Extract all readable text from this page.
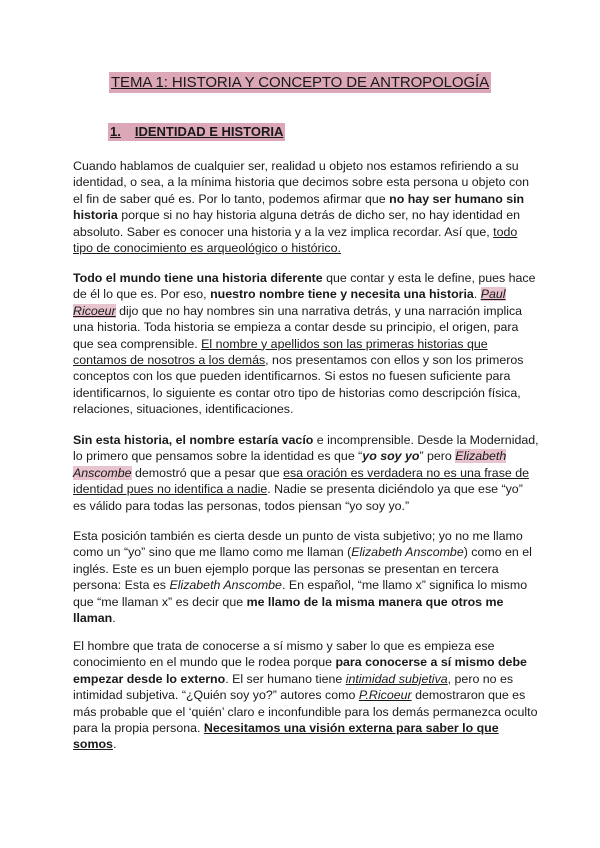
TEMA 1: HISTORIA Y CONCEPTO DE ANTROPOLOGÍA
1. IDENTIDAD E HISTORIA

Cuando hablamos de cualquier ser, realidad u objeto nos estamos refiriendo a su
identidad, o sea, a la mínima historia que decimos sobre esta persona u objeto con
el fin de saber qué es. Por lo tanto, podemos afirmar que no hay ser humano sin
historia porque si no hay historia alguna detrás de dicho ser, no hay identidad en
absoluto. Saber es conocer una historia y a la vez implica recordar. Así que, todo
tipo de conocimiento es arqueológico o histórico.

Todo el mundo tiene una historia diferente que contar y esta le define, pues hace
de él lo que es. Por eso, nuestro nombre tiene y necesita una historia. Paul
Ricoeur dijo que no hay nombres sin una narrativa detrás, y una narración implica
una historia. Toda historia se empieza a contar desde su principio, el origen, para
que sea comprensible. El nombre y apellidos son las primeras historias que
contamos de nosotros a los demás, nos presentamos con ellos y son los primeros
conceptos con los que pueden identificarnos. Si estos no fuesen suficiente para
identificarnos, lo siguiente es contar otro tipo de historias como descripción física,
relaciones, situaciones, identificaciones.

Sin esta historia, el nombre estaría vacío e incomprensible. Desde la Modernidad,
lo primero que pensamos sobre la identidad es que “yo soy yo” pero Elizabeth
Anscombe demostró que a pesar que esa oración es verdadera no es una frase de
identidad pues no identifica a nadie. Nadie se presenta diciéndolo ya que ese “yo”
es válido para todas las personas, todos piensan “yo soy yo.”

Esta posición también es cierta desde un punto de vista subjetivo; yo no me llamo
como un “yo” sino que me llamo como me llaman (Elizabeth Anscombe) como en el
inglés. Este es un buen ejemplo porque las personas se presentan en tercera
persona: Esta es Elizabeth Anscombe. En español, “me llamo x” significa lo mismo
que “me llaman x” es decir que me llamo de la misma manera que otros me
llaman.

El hombre que trata de conocerse a sí mismo y saber lo que es empieza ese
conocimiento en el mundo que le rodea porque para conocerse a sí mismo debe
empezar desde lo externo. El ser humano tiene intimidad subjetiva, pero no es
intimidad subjetiva. “¿Quién soy yo?” autores como P.Ricoeur demostraron que es
más probable que el ‘quién’ claro e inconfundible para los demás permanezca oculto
para la propia persona. Necesitamos una visión externa para saber lo que
somos.
